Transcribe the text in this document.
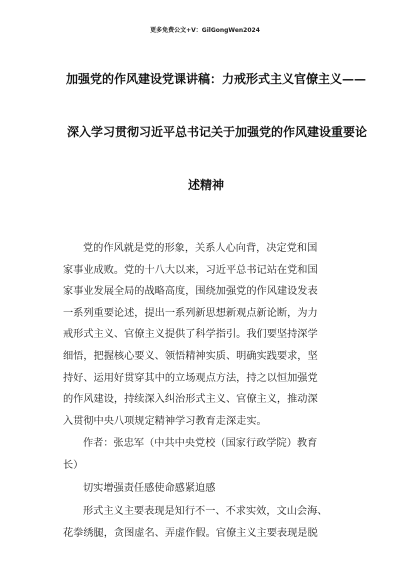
更多免费公文+V：GilGongWen2024
加强党的作风建设党课讲稿：力戒形式主义官僚主义——
深入学习贯彻习近平总书记关于加强党的作风建设重要论
述精神
党的作风就是党的形象，关系人心向背，决定党和国
家事业成败。党的十八大以来，习近平总书记站在党和国
家事业发展全局的战略高度，围绕加强党的作风建设发表
一系列重要论述，提出一系列新思想新观点新论断，为力
戒形式主义、官僚主义提供了科学指引。我们要坚持深学
细悟，把握核心要义、领悟精神实质、明确实践要求，坚
持好、运用好贯穿其中的立场观点方法，持之以恒加强党
的作风建设，持续深入纠治形式主义、官僚主义，推动深
入贯彻中央八项规定精神学习教育走深走实。
作者：张忠军（中共中央党校（国家行政学院）教育
长）
切实增强责任感使命感紧迫感
形式主义主要表现是知行不一、不求实效，文山会海、
花拳绣腿，贪图虚名、弄虚作假。官僚主义主要表现是脱
